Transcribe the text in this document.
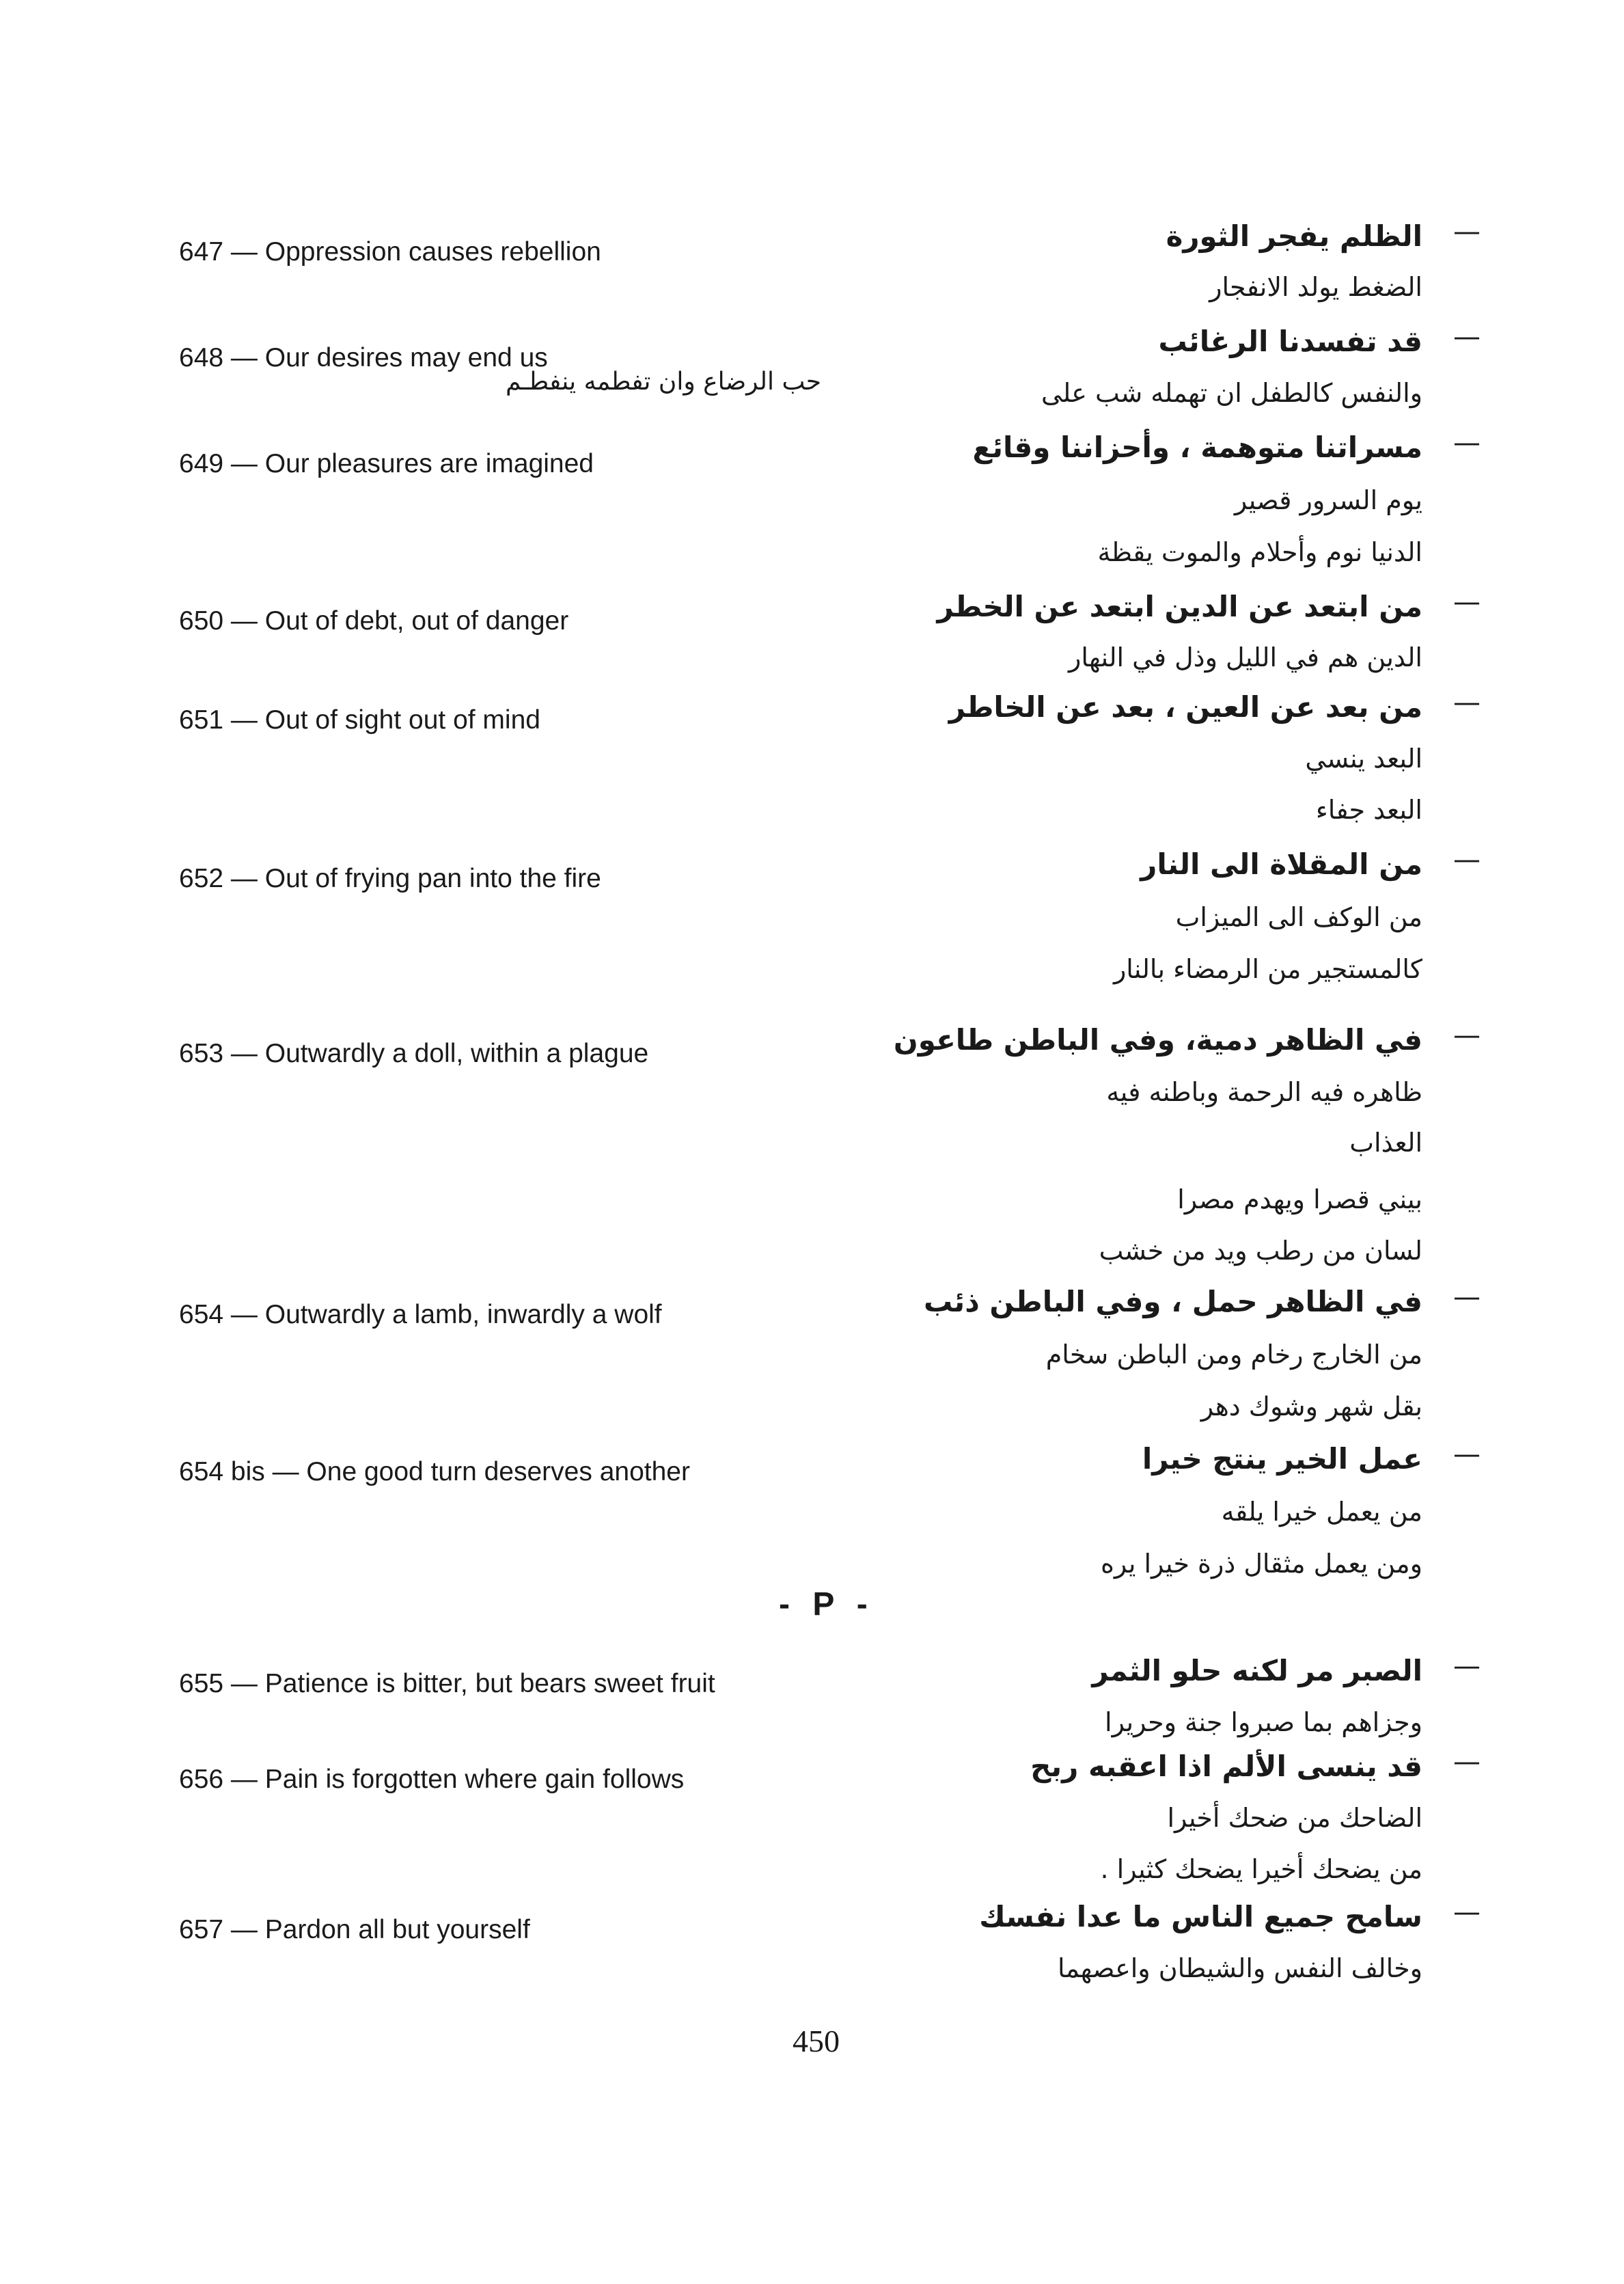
647 — Oppression causes rebellion
—
الظلم يفجر الثورة
الضغط يولد الانفجار
648 — Our desires may end us
—
قد تفسدنا الرغائب
والنفس كالطفل ان تهمله شب على
حب الرضاع وان تفطمه ينفطـم
649 — Our pleasures are imagined
—
مسراتنا متوهمة ، وأحزاننا وقائع
يوم السرور قصير
الدنيا نوم وأحلام والموت يقظة
650 — Out of debt, out of danger
—
من ابتعد عن الدين ابتعد عن الخطر
الدين هم في الليل وذل في النهار
651 — Out of sight out of mind
—
من بعد عن العين ، بعد عن الخاطر
البعد ينسي
البعد جفاء
652 — Out of frying pan into the fire
—
من المقلاة الى النار
من الوكف الى الميزاب
كالمستجير من الرمضاء بالنار
653 — Outwardly a doll, within a plague
—
في الظاهر دمية، وفي الباطن طاعون
ظاهره فيه الرحمة وباطنه فيه
العذاب
بيني قصرا ويهدم مصرا
لسان من رطب ويد من خشب
654 — Outwardly a lamb, inwardly a wolf
—
في الظاهر حمل ، وفي الباطن ذئب
من الخارج رخام ومن الباطن سخام
بقل شهر وشوك دهر
654 bis — One good turn deserves another
—
عمل الخير ينتج خيرا
من يعمل خيرا يلقه
ومن يعمل مثقال ذرة خيرا يره
- P -
655 — Patience is bitter, but bears sweet fruit
—
الصبر مر لكنه حلو الثمر
وجزاهم بما صبروا جنة وحريرا
656 — Pain is forgotten where gain follows
—
قد ينسى الألم اذا اعقبه ربح
الضاحك من ضحك أخيرا
من يضحك أخيرا يضحك كثيرا .
657 — Pardon all but yourself
—
سامح جميع الناس ما عدا نفسك
وخالف النفس والشيطان واعصهما
450
